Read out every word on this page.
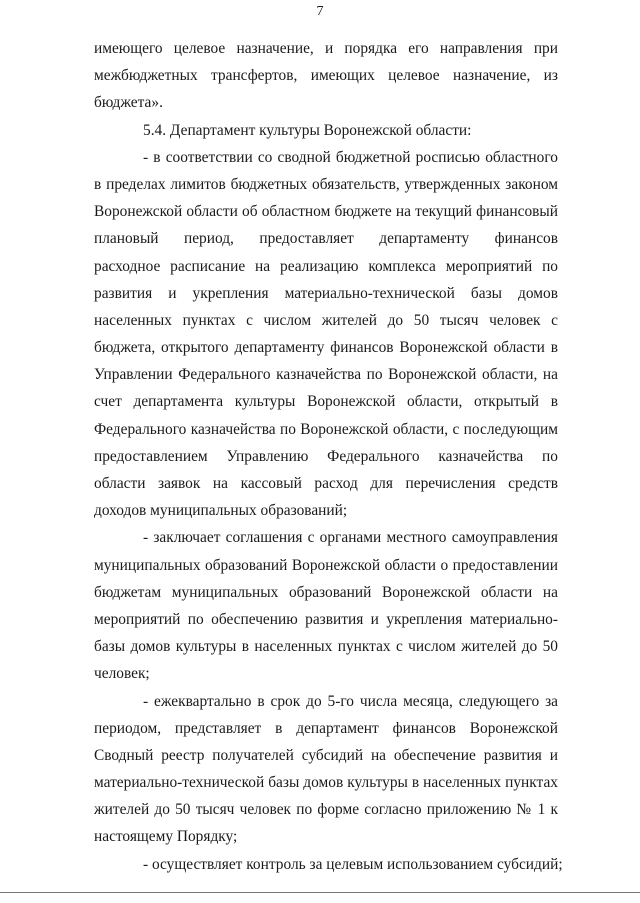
7
имеющего целевое назначение, и порядка его направления при
межбюджетных трансфертов, имеющих целевое назначение, из
бюджета».
5.4. Департамент культуры Воронежской области:
- в соответствии со сводной бюджетной росписью областного
в пределах лимитов бюджетных обязательств, утвержденных законом
Воронежской области об областном бюджете на текущий финансовый
плановый период, предоставляет департаменту финансов
расходное расписание на реализацию комплекса мероприятий по
развития и укрепления материально-технической базы домов
населенных пунктах с числом жителей до 50 тысяч человек с
бюджета, открытого департаменту финансов Воронежской области в
Управлении Федерального казначейства по Воронежской области, на
счет департамента культуры Воронежской области, открытый в
Федерального казначейства по Воронежской области, с последующим
предоставлением Управлению Федерального казначейства по
области заявок на кассовый расход для перечисления средств
доходов муниципальных образований;
- заключает соглашения с органами местного самоуправления
муниципальных образований Воронежской области о предоставлении
бюджетам муниципальных образований Воронежской области на
мероприятий по обеспечению развития и укрепления материально-
базы домов культуры в населенных пунктах с числом жителей до 50
человек;
- ежеквартально в срок до 5-го числа месяца, следующего за
периодом, представляет в департамент финансов Воронежской
Сводный реестр получателей субсидий на обеспечение развития и
материально-технической базы домов культуры в населенных пунктах
жителей до 50 тысяч человек по форме согласно приложению № 1 к
настоящему Порядку;
- осуществляет контроль за целевым использованием субсидий;
